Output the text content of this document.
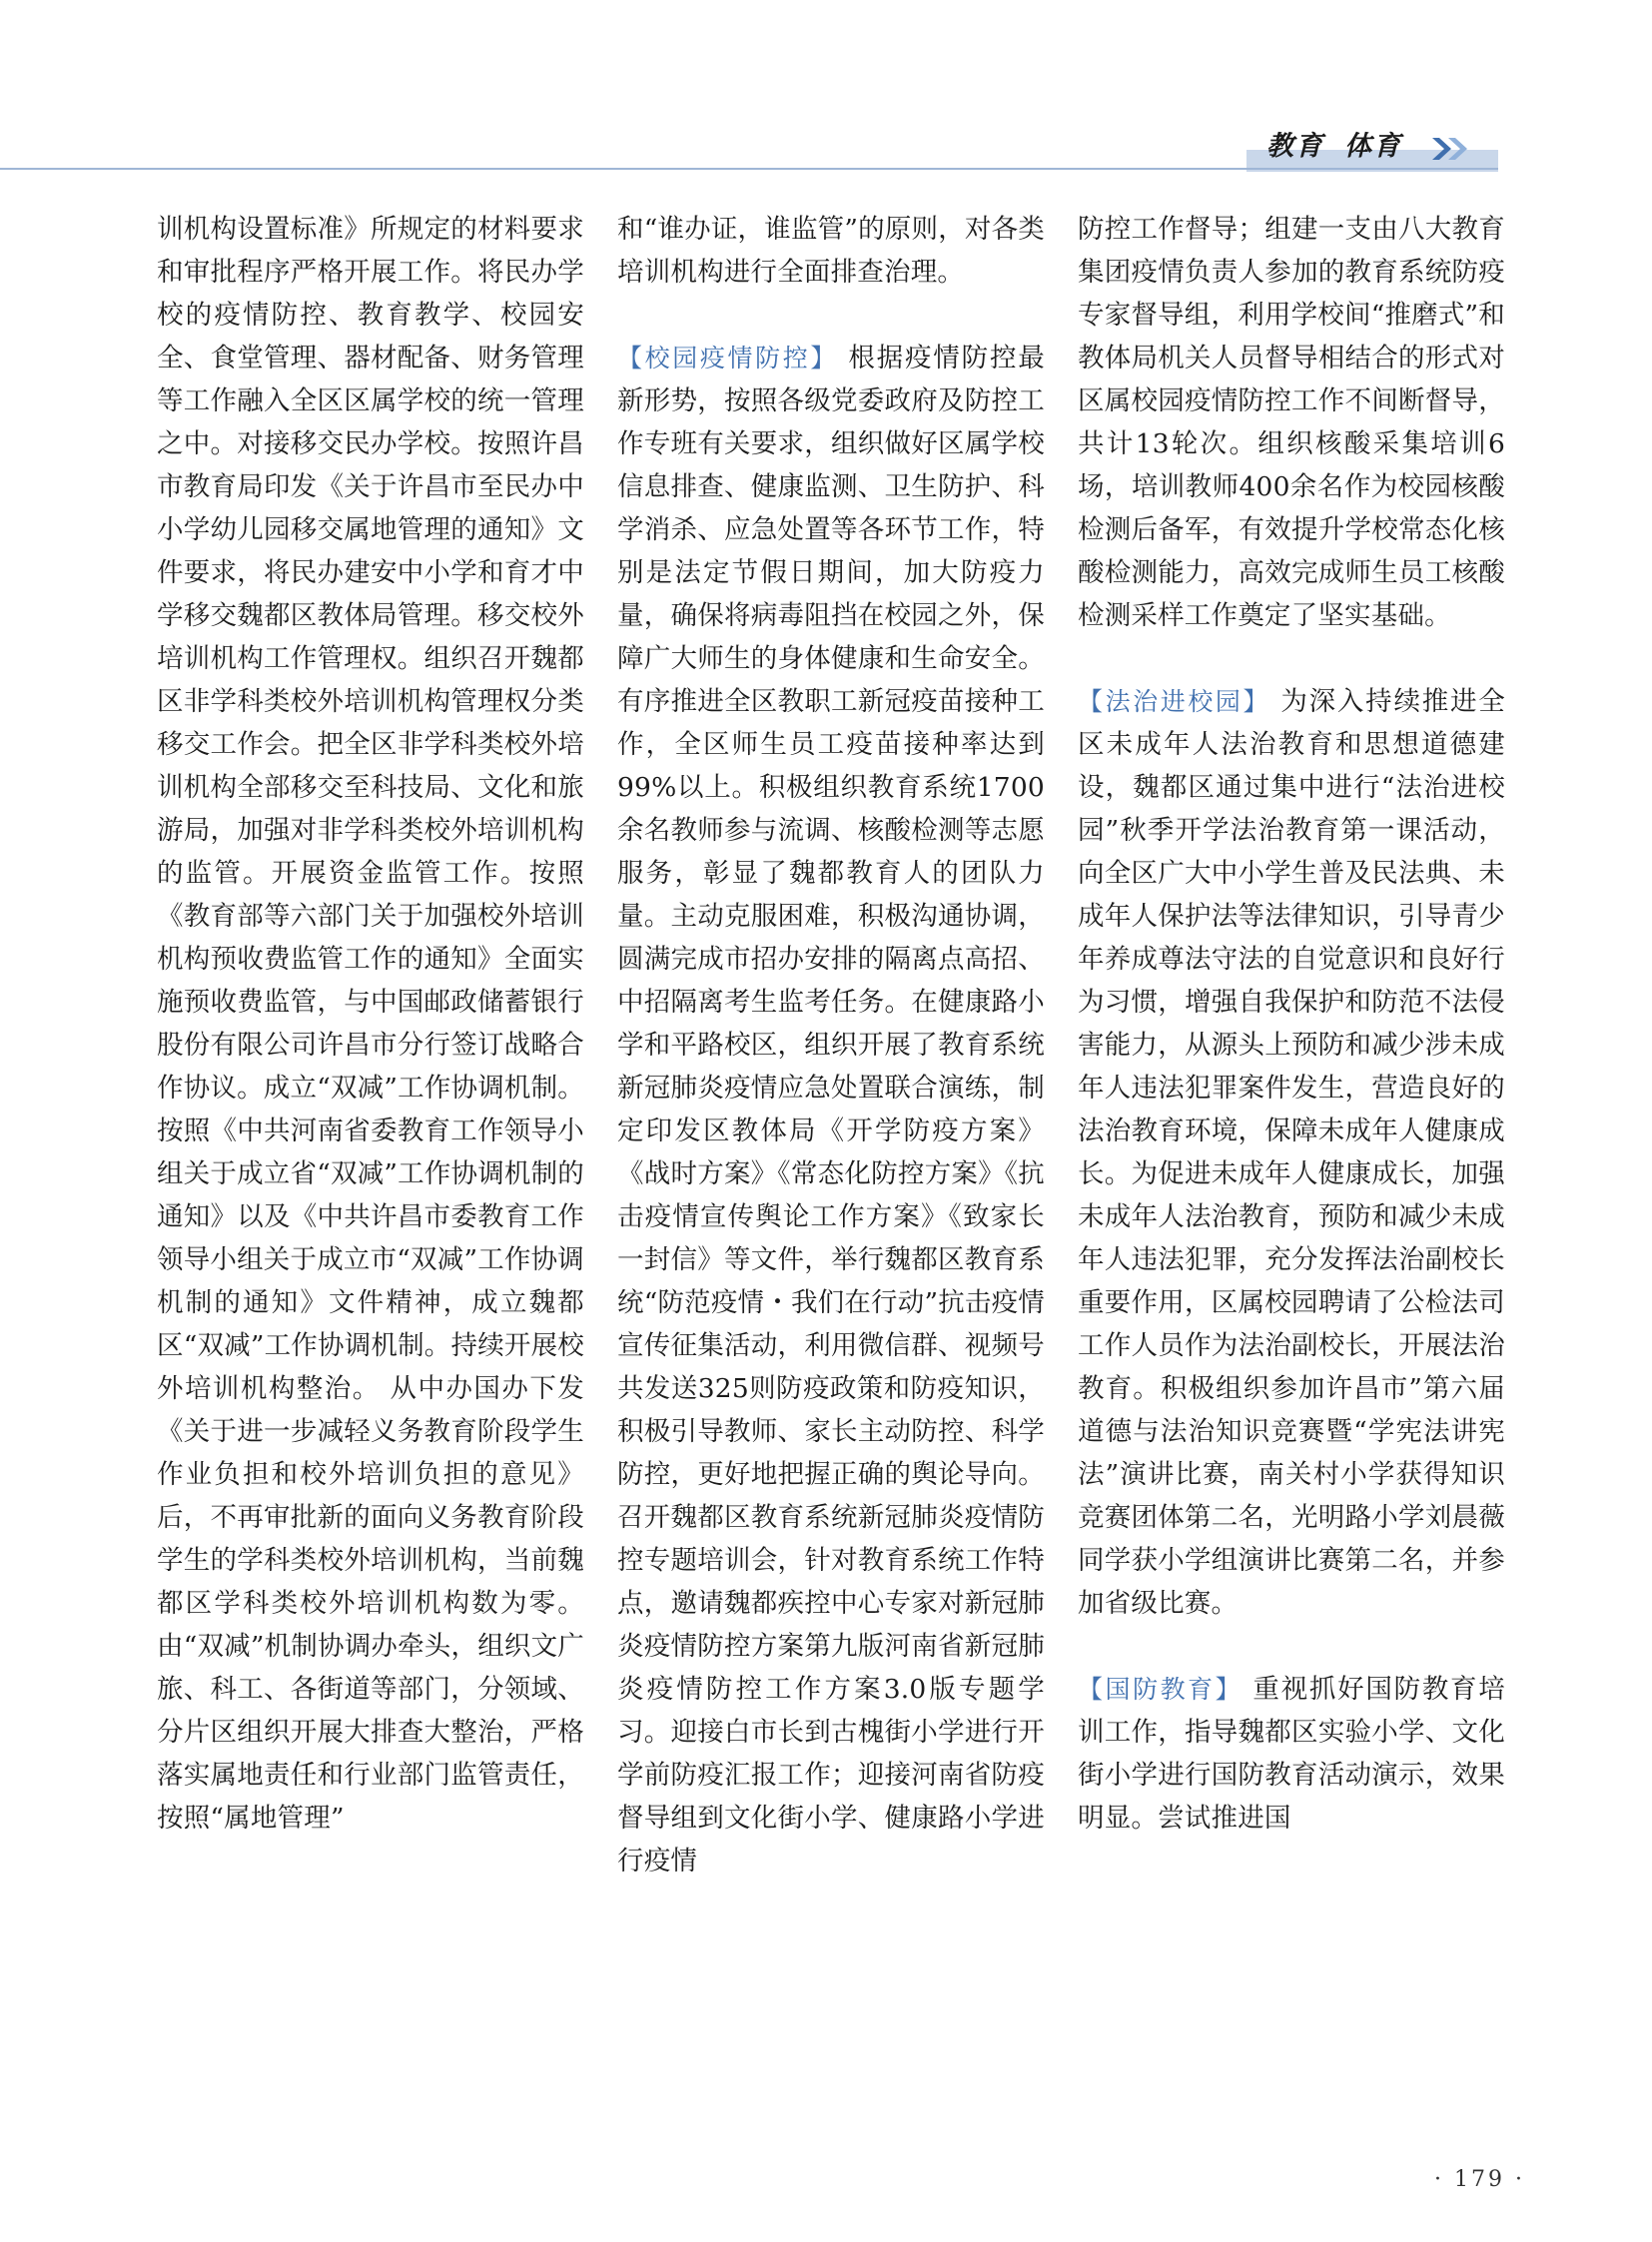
教育 体育

训机构设置标准》所规定的材料要求和审批程序严格开展工作。将民办学校的疫情防控、教育教学、校园安全、食堂管理、器材配备、财务管理等工作融入全区区属学校的统一管理之中。对接移交民办学校。按照许昌市教育局印发《关于许昌市至民办中小学幼儿园移交属地管理的通知》文件要求，将民办建安中小学和育才中学移交魏都区教体局管理。移交校外培训机构工作管理权。组织召开魏都区非学科类校外培训机构管理权分类移交工作会。把全区非学科类校外培训机构全部移交至科技局、文化和旅游局，加强对非学科类校外培训机构的监管。开展资金监管工作。按照《教育部等六部门关于加强校外培训机构预收费监管工作的通知》全面实施预收费监管，与中国邮政储蓄银行股份有限公司许昌市分行签订战略合作协议。成立“双减”工作协调机制。按照《中共河南省委教育工作领导小组关于成立省“双减”工作协调机制的通知》以及《中共许昌市委教育工作领导小组关于成立市“双减”工作协调机制的通知》文件精神，成立魏都区“双减”工作协调机制。持续开展校外培训机构整治。 从中办国办下发《关于进一步减轻义务教育阶段学生作业负担和校外培训负担的意见》后，不再审批新的面向义务教育阶段学生的学科类校外培训机构，当前魏都区学科类校外培训机构数为零。由“双减”机制协调办牵头，组织文广旅、科工、各街道等部门，分领域、分片区组织开展大排查大整治，严格落实属地责任和行业部门监管责任，按照“属地管理”

和“谁办证，谁监管”的原则，对各类培训机构进行全面排查治理。

【校园疫情防控】 根据疫情防控最新形势，按照各级党委政府及防控工作专班有关要求，组织做好区属学校信息排查、健康监测、卫生防护、科学消杀、应急处置等各环节工作，特别是法定节假日期间，加大防疫力量，确保将病毒阻挡在校园之外，保障广大师生的身体健康和生命安全。有序推进全区教职工新冠疫苗接种工作，全区师生员工疫苗接种率达到99%以上。积极组织教育系统1700余名教师参与流调、核酸检测等志愿服务，彰显了魏都教育人的团队力量。主动克服困难，积极沟通协调，圆满完成市招办安排的隔离点高招、中招隔离考生监考任务。在健康路小学和平路校区，组织开展了教育系统新冠肺炎疫情应急处置联合演练，制定印发区教体局《开学防疫方案》《战时方案》《常态化防控方案》《抗击疫情宣传舆论工作方案》《致家长一封信》等文件，举行魏都区教育系统“防范疫情・我们在行动”抗击疫情宣传征集活动，利用微信群、视频号共发送325则防疫政策和防疫知识，积极引导教师、家长主动防控、科学防控，更好地把握正确的舆论导向。召开魏都区教育系统新冠肺炎疫情防控专题培训会，针对教育系统工作特点，邀请魏都疾控中心专家对新冠肺炎疫情防控方案第九版河南省新冠肺炎疫情防控工作方案3.0版专题学习。迎接白市长到古槐街小学进行开学前防疫汇报工作；迎接河南省防疫督导组到文化街小学、健康路小学进行疫情

防控工作督导；组建一支由八大教育集团疫情负责人参加的教育系统防疫专家督导组，利用学校间“推磨式”和教体局机关人员督导相结合的形式对区属校园疫情防控工作不间断督导，共计13轮次。组织核酸采集培训6场，培训教师400余名作为校园核酸检测后备军，有效提升学校常态化核酸检测能力，高效完成师生员工核酸检测采样工作奠定了坚实基础。

【法治进校园】 为深入持续推进全区未成年人法治教育和思想道德建设，魏都区通过集中进行“法治进校园”秋季开学法治教育第一课活动，向全区广大中小学生普及民法典、未成年人保护法等法律知识，引导青少年养成尊法守法的自觉意识和良好行为习惯，增强自我保护和防范不法侵害能力，从源头上预防和减少涉未成年人违法犯罪案件发生，营造良好的法治教育环境，保障未成年人健康成长。为促进未成年人健康成长，加强未成年人法治教育，预防和减少未成年人违法犯罪，充分发挥法治副校长重要作用，区属校园聘请了公检法司工作人员作为法治副校长，开展法治教育。积极组织参加许昌市”第六届道德与法治知识竞赛暨“学宪法讲宪法”演讲比赛，南关村小学获得知识竞赛团体第二名，光明路小学刘晨薇同学获小学组演讲比赛第二名，并参加省级比赛。

【国防教育】 重视抓好国防教育培训工作，指导魏都区实验小学、文化街小学进行国防教育活动演示，效果明显。尝试推进国

· 179 ·
